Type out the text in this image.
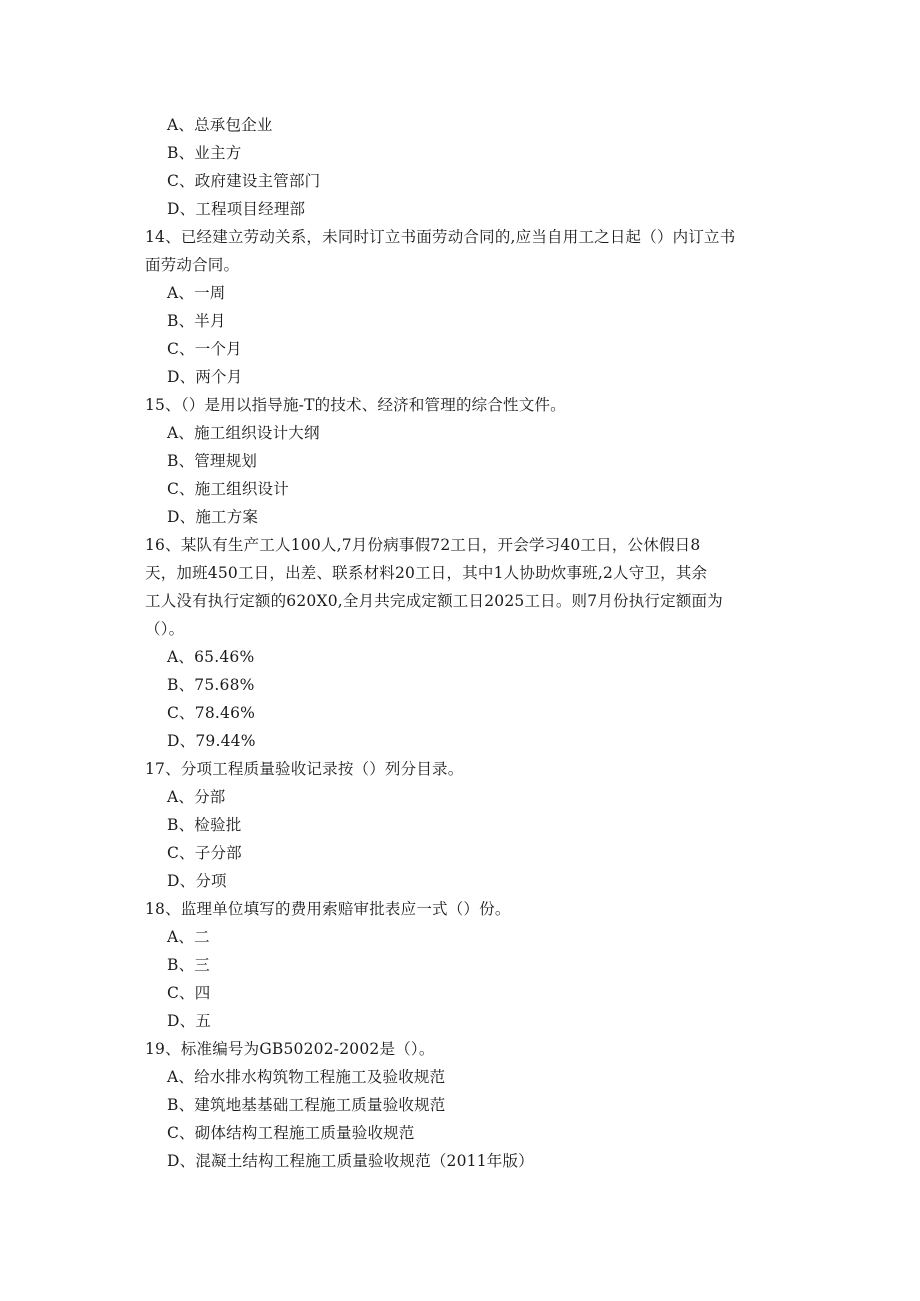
A、总承包企业
B、业主方
C、政府建设主管部门
D、工程项目经理部
14、已经建立劳动关系，未同时订立书面劳动合同的,应当自用工之日起（）内订立书
面劳动合同。
A、一周
B、半月
C、一个月
D、两个月
15、（）是用以指导施-T的技术、经济和管理的综合性文件。
A、施工组织设计大纲
B、管理规划
C、施工组织设计
D、施工方案
16、某队有生产工人100人,7月份病事假72工日，开会学习40工日，公休假日8
天，加班450工日，出差、联系材料20工日，其中1人协助炊事班,2人守卫，其余
工人没有执行定额的620X0,全月共完成定额工日2025工日。则7月份执行定额面为
（）。
A、65.46%
B、75.68%
C、78.46%
D、79.44%
17、分项工程质量验收记录按（）列分目录。
A、分部
B、检验批
C、子分部
D、分项
18、监理单位填写的费用索赔审批表应一式（）份。
A、二
B、三
C、四
D、五
19、标准编号为GB50202-2002是（）。
A、给水排水构筑物工程施工及验收规范
B、建筑地基基础工程施工质量验收规范
C、砌体结构工程施工质量验收规范
D、混凝土结构工程施工质量验收规范（2011年版）
